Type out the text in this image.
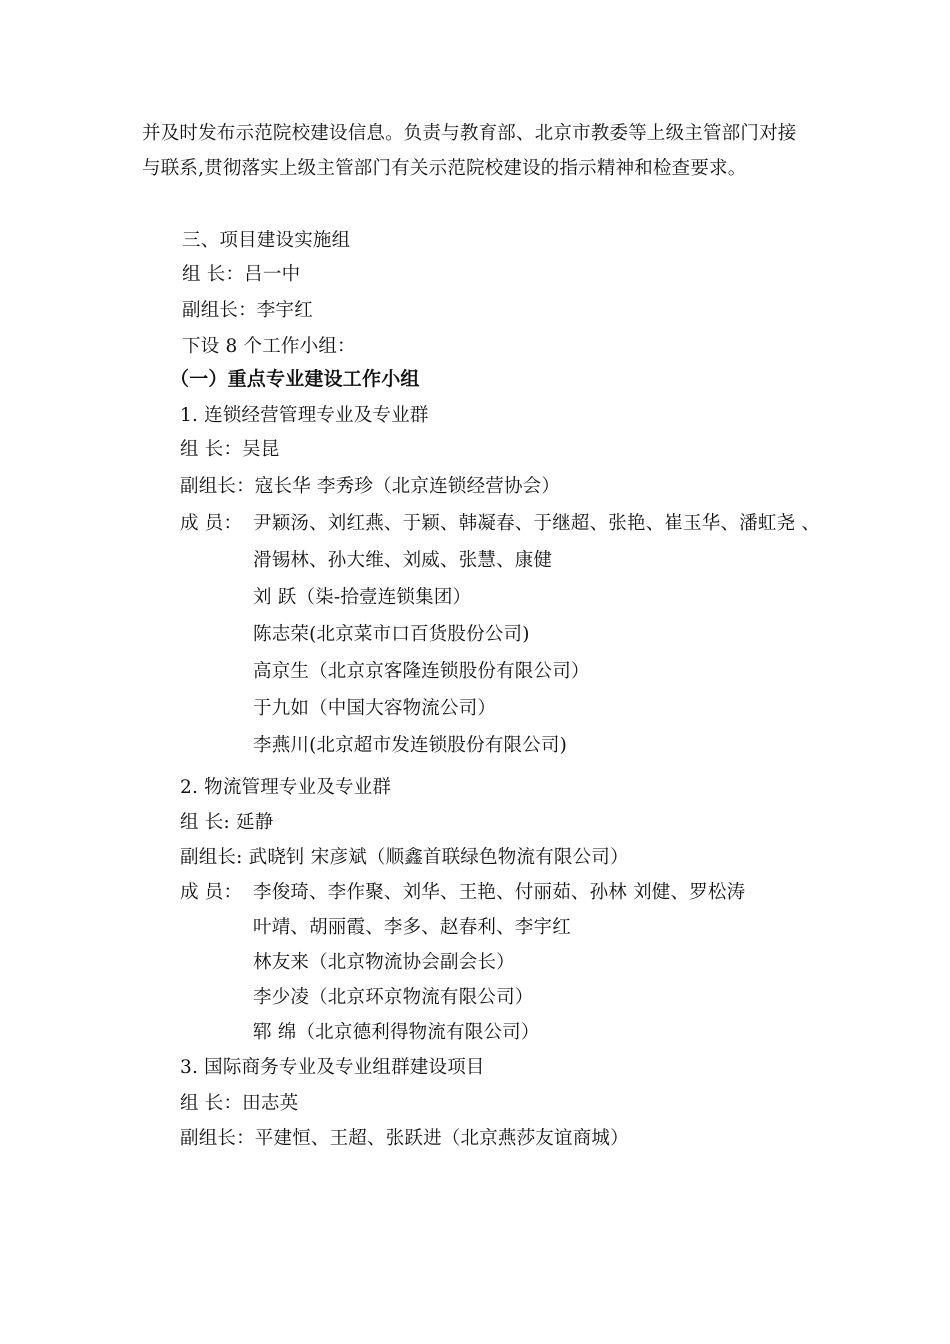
并及时发布示范院校建设信息。负责与教育部、北京市教委等上级主管部门对接
与联系,贯彻落实上级主管部门有关示范院校建设的指示精神和检查要求。
三、项目建设实施组
组 长：吕一中
副组长：李宇红
下设 8 个工作小组：
（一）重点专业建设工作小组
1. 连锁经营管理专业及专业群
组 长：吴昆
副组长：寇长华 李秀珍（北京连锁经营协会）
成 员： 尹颖汤、刘红燕、于颖、韩凝春、于继超、张艳、崔玉华、潘虹尧 、
滑锡林、孙大维、刘威、张慧、康健
刘 跃（柒-拾壹连锁集团）
陈志荣(北京菜市口百货股份公司)
高京生（北京京客隆连锁股份有限公司）
于九如（中国大容物流公司）
李燕川(北京超市发连锁股份有限公司)
2. 物流管理专业及专业群
组 长: 延静
副组长: 武晓钊 宋彦斌（顺鑫首联绿色物流有限公司）
成 员： 李俊琦、李作聚、刘华、王艳、付丽茹、孙林 刘健、罗松涛
叶靖、胡丽霞、李多、赵春利、李宇红
林友来（北京物流协会副会长）
李少凌（北京环京物流有限公司）
郓 绵（北京德利得物流有限公司）
3. 国际商务专业及专业组群建设项目
组 长：田志英
副组长：平建恒、王超、张跃进（北京燕莎友谊商城）
